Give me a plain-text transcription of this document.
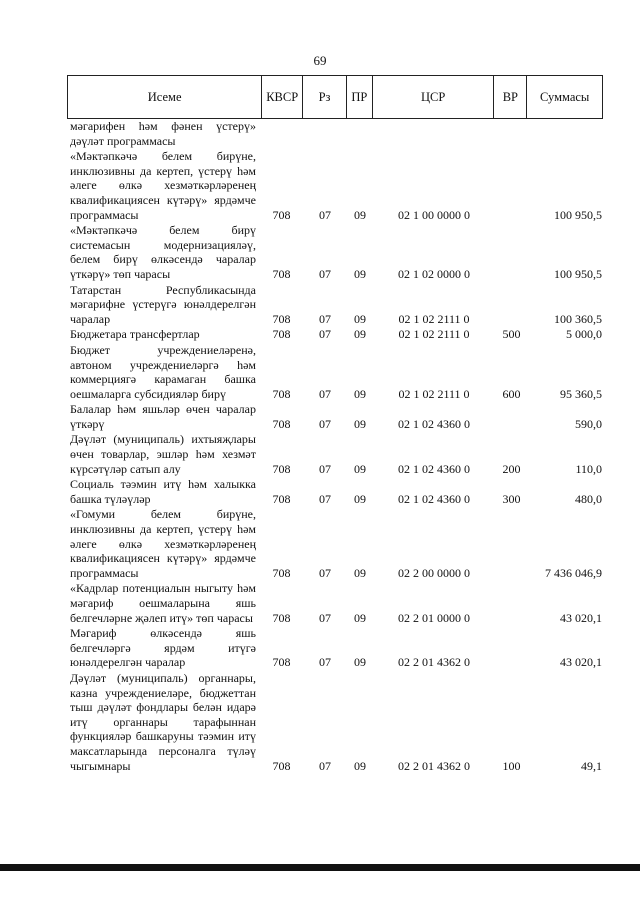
69
Исеме	КВСР	Рз	ПР	ЦСР	ВР	Суммасы
мәгарифен һәм фәнен үстерү» дәүләт программасы
«Мәктәпкәчә белем бирүне, инклюзивны да кертеп, үстерү һәм әлеге өлкә хезмәткәрләренең квалификациясен күтәрү» ярдәмче программасы	708	07	09	02 1 00 0000 0	100 950,5
«Мәктәпкәчә белем бирү системасын модернизацияләү, белем бирү өлкәсендә чаралар үткәрү» төп чарасы	708	07	09	02 1 02 0000 0	100 950,5
Татарстан Республикасында мәгарифне үстерүгә юнәлдерелгән чаралар	708	07	09	02 1 02 2111 0	100 360,5
Бюджетара трансфертлар	708	07	09	02 1 02 2111 0	500	5 000,0
Бюджет учреждениеләренә, автоном учреждениеләргә һәм коммерциягә карамаган башка оешмаларга субсидияләр бирү	708	07	09	02 1 02 2111 0	600	95 360,5
Балалар һәм яшьләр өчен чаралар үткәрү	708	07	09	02 1 02 4360 0	590,0
Дәүләт (муниципаль) ихтыяҗлары өчен товарлар, эшләр һәм хезмәт күрсәтүләр сатып алу	708	07	09	02 1 02 4360 0	200	110,0
Социаль тәэмин итү һәм халыкка башка түләүләр	708	07	09	02 1 02 4360 0	300	480,0
«Гомуми белем бирүне, инклюзивны да кертеп, үстерү һәм әлеге өлкә хезмәткәрләренең квалификациясен күтәрү» ярдәмче программасы	708	07	09	02 2 00 0000 0	7 436 046,9
«Кадрлар потенциалын ныгыту һәм мәгариф оешмаларына яшь белгечләрне җәлеп итү» төп чарасы	708	07	09	02 2 01 0000 0	43 020,1
Мәгариф өлкәсендә яшь белгечләргә ярдәм итүгә юнәлдерелгән чаралар	708	07	09	02 2 01 4362 0	43 020,1
Дәүләт (муниципаль) органнары, казна учреждениеләре, бюджеттан тыш дәүләт фондлары белән идарә итү органнары тарафыннан функцияләр башкаруны тәэмин итү максатларында персоналга түләү чыгымнары	708	07	09	02 2 01 4362 0	100	49,1
